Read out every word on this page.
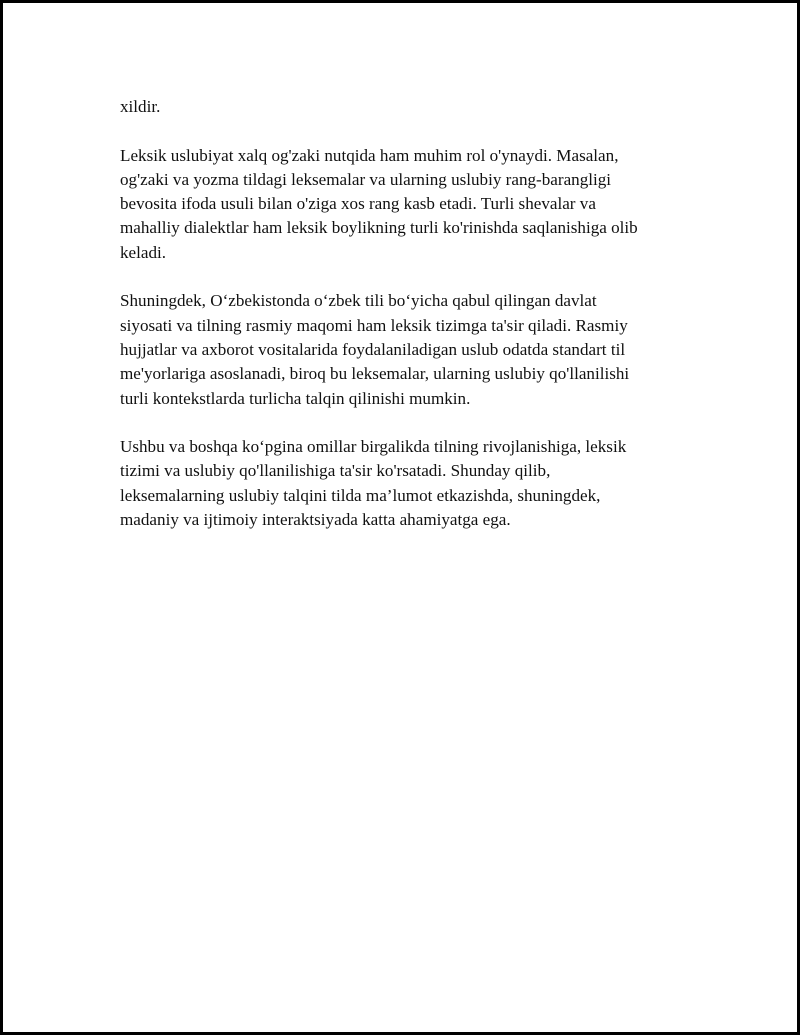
xildir.

Leksik uslubiyat xalq og'zaki nutqida ham muhim rol o'ynaydi. Masalan,
og'zaki va yozma tildagi leksemalar va ularning uslubiy rang-barangligi
bevosita ifoda usuli bilan o'ziga xos rang kasb etadi. Turli shevalar va
mahalliy dialektlar ham leksik boylikning turli ko'rinishda saqlanishiga olib
keladi.

Shuningdek, O‘zbekistonda o‘zbek tili bo‘yicha qabul qilingan davlat
siyosati va tilning rasmiy maqomi ham leksik tizimga ta'sir qiladi. Rasmiy
hujjatlar va axborot vositalarida foydalaniladigan uslub odatda standart til
me'yorlariga asoslanadi, biroq bu leksemalar, ularning uslubiy qo'llanilishi
turli kontekstlarda turlicha talqin qilinishi mumkin.

Ushbu va boshqa ko‘pgina omillar birgalikda tilning rivojlanishiga, leksik
tizimi va uslubiy qo'llanilishiga ta'sir ko'rsatadi. Shunday qilib,
leksemalarning uslubiy talqini tilda ma’lumot etkazishda, shuningdek,
madaniy va ijtimoiy interaktsiyada katta ahamiyatga ega.
